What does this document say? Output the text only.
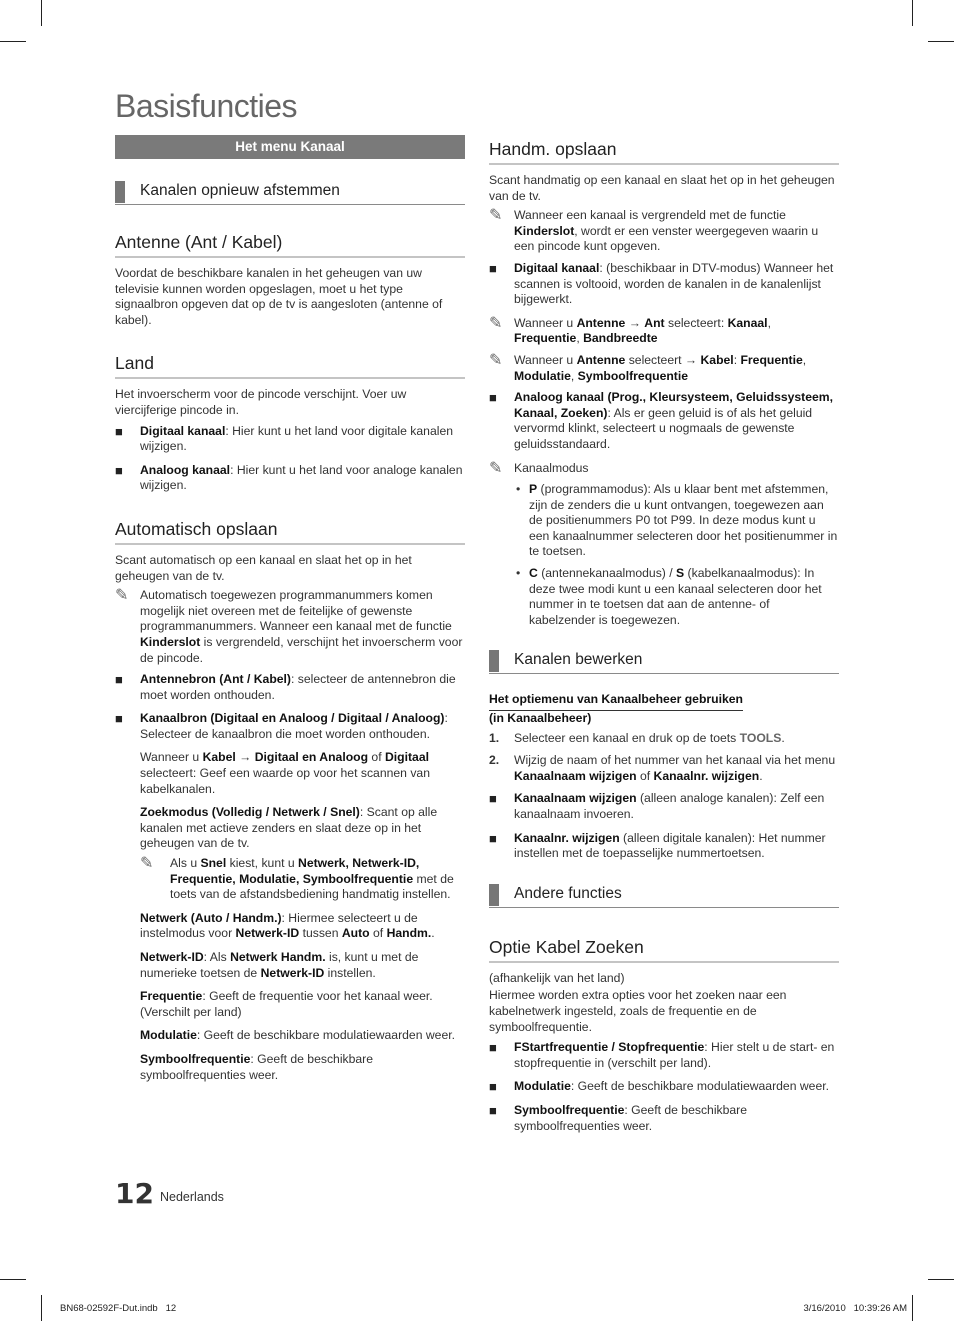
Basisfuncties
Het menu Kanaal
Kanalen opnieuw afstemmen
Antenne (Ant / Kabel)

Voordat de beschikbare kanalen in het geheugen van uw televisie kunnen worden opgeslagen, moet u het type signaalbron opgeven dat op de tv is aangesloten (antenne of kabel).

Land

Het invoerscherm voor de pincode verschijnt. Voer uw viercijferige pincode in.

■ Digitaal kanaal: Hier kunt u het land voor digitale kanalen wijzigen.
■ Analoog kanaal: Hier kunt u het land voor analoge kanalen wijzigen.
Automatisch opslaan

Scant automatisch op een kanaal en slaat het op in het geheugen van de tv.

✎ Automatisch toegewezen programmanummers komen mogelijk niet overeen met de feitelijke of gewenste programmanummers. Wanneer een kanaal met de functie Kinderslot is vergrendeld, verschijnt het invoerscherm voor de pincode.
■ Antennebron (Ant / Kabel): selecteer de antennebron die moet worden onthouden.
■ Kanaalbron (Digitaal en Analoog / Digitaal / Analoog): Selecteer de kanaalbron die moet worden onthouden.
Wanneer u Kabel → Digitaal en Analoog of Digitaal selecteert: Geef een waarde op voor het scannen van kabelkanalen.
Zoekmodus (Volledig / Netwerk / Snel): Scant op alle kanalen met actieve zenders en slaat deze op in het geheugen van de tv.
✎ Als u Snel kiest, kunt u Netwerk, Netwerk-ID, Frequentie, Modulatie, Symboolfrequentie met de toets van de afstandsbediening handmatig instellen.
Netwerk (Auto / Handm.): Hiermee selecteert u de instelmodus voor Netwerk-ID tussen Auto of Handm..
Netwerk-ID: Als Netwerk Handm. is, kunt u met de numerieke toetsen de Netwerk-ID instellen.
Frequentie: Geeft de frequentie voor het kanaal weer. (Verschilt per land)
Modulatie: Geeft de beschikbare modulatiewaarden weer.
Symboolfrequentie: Geeft de beschikbare symboolfrequenties weer.
Handm. opslaan

Scant handmatig op een kanaal en slaat het op in het geheugen van de tv.

✎ Wanneer een kanaal is vergrendeld met de functie Kinderslot, wordt er een venster weergegeven waarin u een pincode kunt opgeven.
■ Digitaal kanaal: (beschikbaar in DTV-modus) Wanneer het scannen is voltooid, worden de kanalen in de kanalenlijst bijgewerkt.
✎ Wanneer u Antenne → Ant selecteert: Kanaal, Frequentie, Bandbreedte
✎ Wanneer u Antenne selecteert → Kabel: Frequentie, Modulatie, Symboolfrequentie
■ Analoog kanaal (Prog., Kleursysteem, Geluidssysteem, Kanaal, Zoeken): Als er geen geluid is of als het geluid vervormd klinkt, selecteert u nogmaals de gewenste geluidsstandaard.
✎ Kanaalmodus
• P (programmamodus): Als u klaar bent met afstemmen, zijn de zenders die u kunt ontvangen, toegewezen aan de positienummers P0 tot P99. In deze modus kunt u een kanaalnummer selecteren door het positienummer in te toetsen.
• C (antennekanaalmodus) / S (kabelkanaalmodus): In deze twee modi kunt u een kanaal selecteren door het nummer in te toetsen dat aan de antenne- of kabelzender is toegewezen.
Kanalen bewerken
Het optiemenu van Kanaalbeheer gebruiken
(in Kanaalbeheer)
1. Selecteer een kanaal en druk op de toets TOOLS.
2. Wijzig de naam of het nummer van het kanaal via het menu Kanaalnaam wijzigen of Kanaalnr. wijzigen.
■ Kanaalnaam wijzigen (alleen analoge kanalen): Zelf een kanaalnaam invoeren.
■ Kanaalnr. wijzigen (alleen digitale kanalen): Het nummer instellen met de toepasselijke nummertoetsen.
Andere functies
Optie Kabel Zoeken

(afhankelijk van het land)

Hiermee worden extra opties voor het zoeken naar een kabelnetwerk ingesteld, zoals de frequentie en de symboolfrequentie.

■ FStartfrequentie / Stopfrequentie: Hier stelt u de start- en stopfrequentie in (verschilt per land).
■ Modulatie: Geeft de beschikbare modulatiewaarden weer.
■ Symboolfrequentie: Geeft de beschikbare symboolfrequenties weer.
12 Nederlands
BN68-02592F-Dut.indb   12	3/16/2010   10:39:26 AM
